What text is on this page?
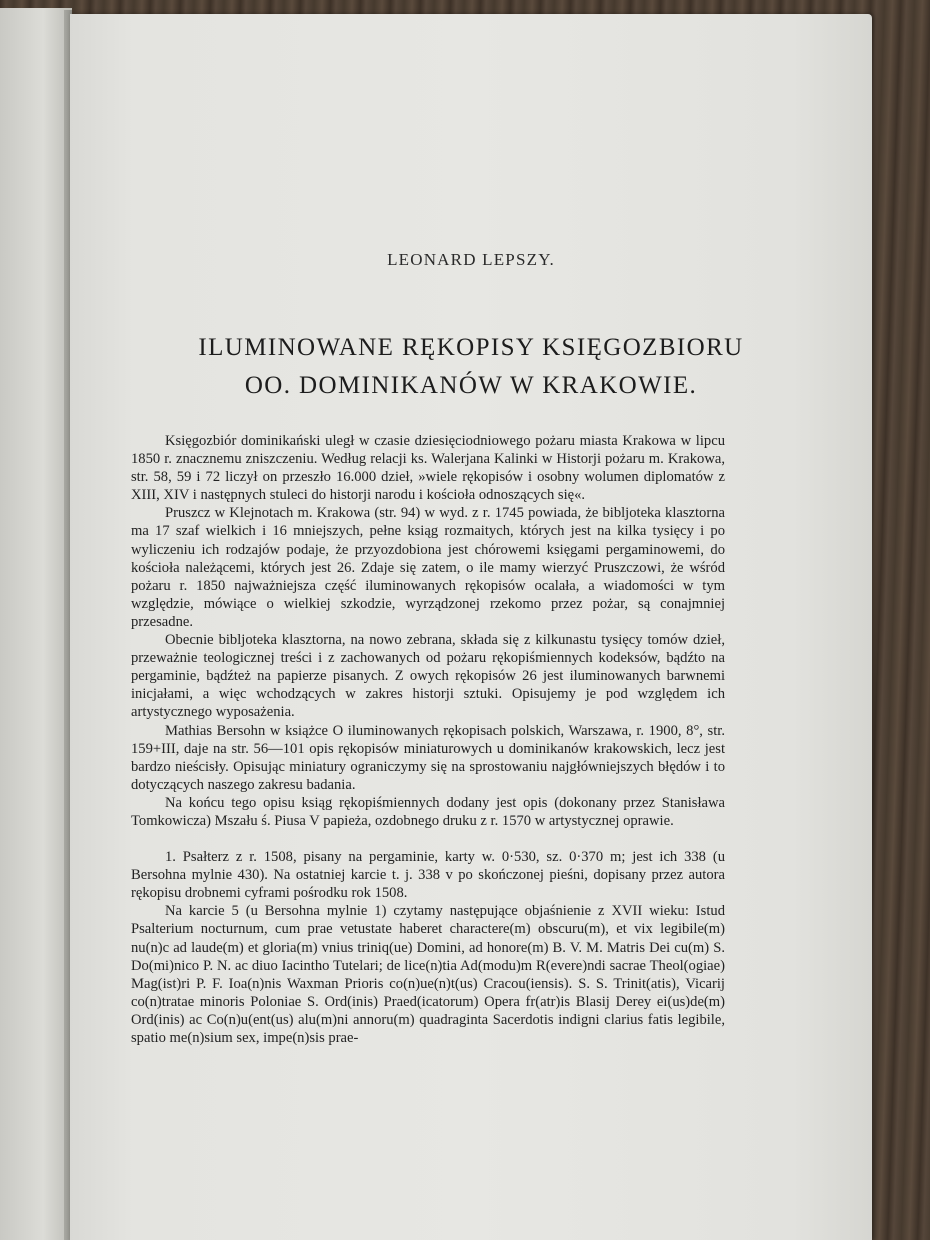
LEONARD LEPSZY.
ILUMINOWANE RĘKOPISY KSIĘGOZBIORU
OO. DOMINIKANÓW W KRAKOWIE.

Księgozbiór dominikański uległ w czasie dziesięciodniowego pożaru miasta Krakowa w lipcu 1850 r. znacznemu zniszczeniu. Według relacji ks. Walerjana Kalinki w Historji pożaru m. Krakowa, str. 58, 59 i 72 liczył on przeszło 16.000 dzieł, »wiele rękopisów i osobny wolumen diplomatów z XIII, XIV i następnych stuleci do historji narodu i kościoła odnoszących się«.

Pruszcz w Klejnotach m. Krakowa (str. 94) w wyd. z r. 1745 powiada, że bibljoteka klasztorna ma 17 szaf wielkich i 16 mniejszych, pełne ksiąg rozmaitych, których jest na kilka tysięcy i po wyliczeniu ich rodzajów podaje, że przyozdobiona jest chórowemi księgami pergaminowemi, do kościoła należącemi, których jest 26. Zdaje się zatem, o ile mamy wierzyć Pruszczowi, że wśród pożaru r. 1850 najważniejsza część iluminowanych rękopisów ocalała, a wiadomości w tym względzie, mówiące o wielkiej szkodzie, wyrządzonej rzekomo przez pożar, są conajmniej przesadne.

Obecnie bibljoteka klasztorna, na nowo zebrana, składa się z kilkunastu tysięcy tomów dzieł, przeważnie teologicznej treści i z zachowanych od pożaru rękopiśmiennych kodeksów, bądźto na pergaminie, bądźteż na papierze pisanych. Z owych rękopisów 26 jest iluminowanych barwnemi inicjałami, a więc wchodzących w zakres historji sztuki. Opisujemy je pod względem ich artystycznego wyposażenia.

Mathias Bersohn w książce O iluminowanych rękopisach polskich, Warszawa, r. 1900, 8°, str. 159+III, daje na str. 56—101 opis rękopisów miniaturowych u dominikanów krakowskich, lecz jest bardzo nieścisły. Opisując miniatury ograniczymy się na sprostowaniu najgłówniejszych błędów i to dotyczących naszego zakresu badania.

Na końcu tego opisu ksiąg rękopiśmiennych dodany jest opis (dokonany przez Stanisława Tomkowicza) Mszału ś. Piusa V papieża, ozdobnego druku z r. 1570 w artystycznej oprawie.

1. Psałterz z r. 1508, pisany na pergaminie, karty w. 0·530, sz. 0·370 m; jest ich 338 (u Bersohna mylnie 430). Na ostatniej karcie t. j. 338 v po skończonej pieśni, dopisany przez autora rękopisu drobnemi cyframi pośrodku rok 1508.

Na karcie 5 (u Bersohna mylnie 1) czytamy następujące objaśnienie z XVII wieku: Istud Psalterium nocturnum, cum prae vetustate haberet charactere(m) obscuru(m), et vix legibile(m) nu(n)c ad laude(m) et gloria(m) vnius triniq(ue) Domini, ad honore(m) B. V. M. Matris Dei cu(m) S. Do(mi)nico P. N. ac diuo Iacintho Tutelari; de lice(n)tia Ad(modu)m R(evere)ndi sacrae Theol(ogiae) Mag(ist)ri P. F. Ioa(n)nis Waxman Prioris co(n)ue(n)t(us) Cracou(iensis). S. S. Trinit(atis), Vicarij co(n)tratae minoris Poloniae S. Ord(inis) Praed(icatorum) Opera fr(atr)is Blasij Derey ei(us)de(m) Ord(inis) ac Co(n)u(ent(us) alu(m)ni annoru(m) quadraginta Sacerdotis indigni clarius fatis legibile, spatio me(n)sium sex, impe(n)sis prae-
